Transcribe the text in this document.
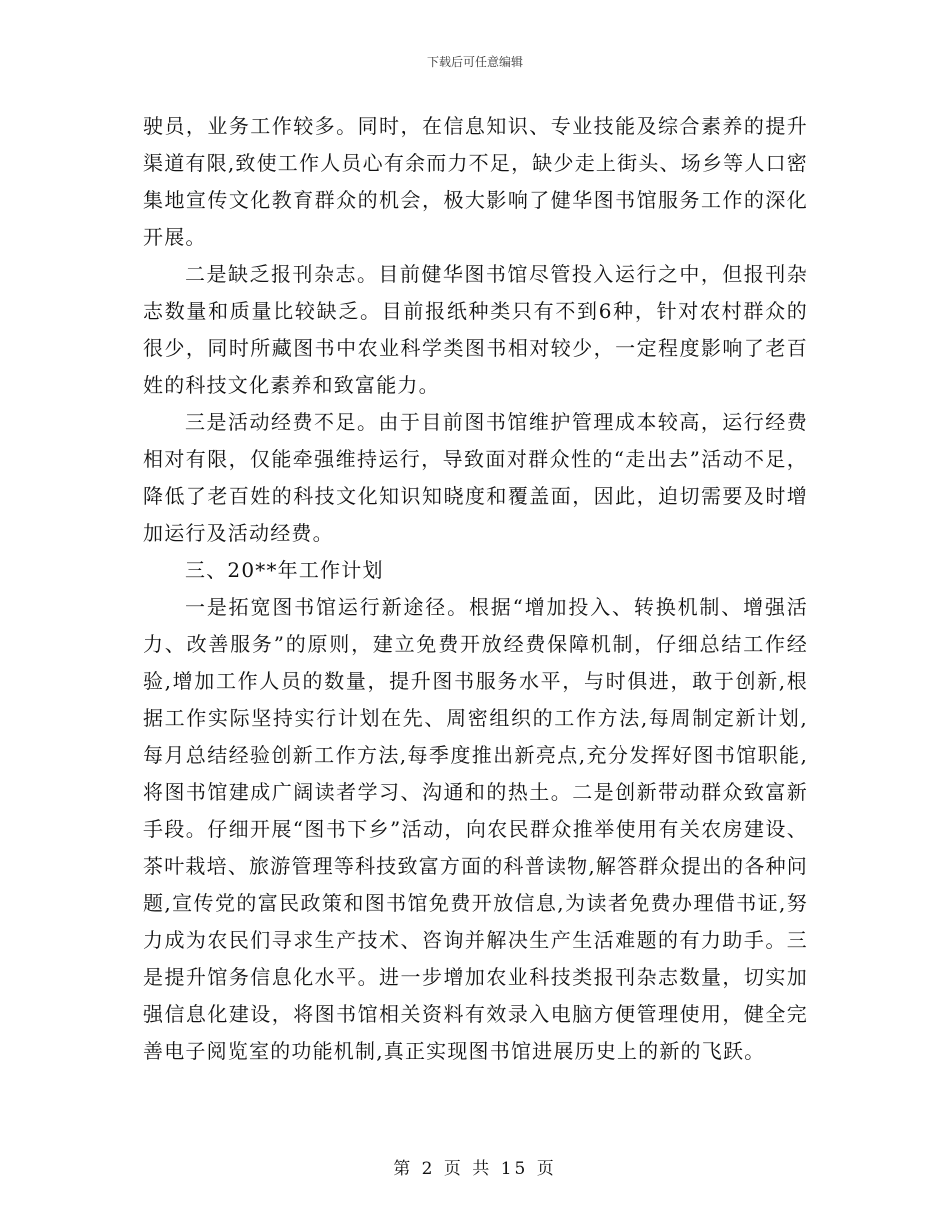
下载后可任意编辑

驶员，业务工作较多。同时，在信息知识、专业技能及综合素养的提升渠道有限,致使工作人员心有余而力不足，缺少走上街头、场乡等人口密集地宣传文化教育群众的机会，极大影响了健华图书馆服务工作的深化开展。

二是缺乏报刊杂志。目前健华图书馆尽管投入运行之中，但报刊杂志数量和质量比较缺乏。目前报纸种类只有不到6种，针对农村群众的很少，同时所藏图书中农业科学类图书相对较少，一定程度影响了老百姓的科技文化素养和致富能力。

三是活动经费不足。由于目前图书馆维护管理成本较高，运行经费相对有限，仅能牵强维持运行，导致面对群众性的“走出去”活动不足，降低了老百姓的科技文化知识知晓度和覆盖面，因此，迫切需要及时增加运行及活动经费。

三、20**年工作计划

一是拓宽图书馆运行新途径。根据“增加投入、转换机制、增强活力、改善服务”的原则，建立免费开放经费保障机制，仔细总结工作经验,增加工作人员的数量，提升图书服务水平，与时俱进，敢于创新,根据工作实际坚持实行计划在先、周密组织的工作方法,每周制定新计划,每月总结经验创新工作方法,每季度推出新亮点,充分发挥好图书馆职能,将图书馆建成广阔读者学习、沟通和的热土。二是创新带动群众致富新手段。仔细开展“图书下乡”活动，向农民群众推举使用有关农房建设、茶叶栽培、旅游管理等科技致富方面的科普读物,解答群众提出的各种问题,宣传党的富民政策和图书馆免费开放信息,为读者免费办理借书证,努力成为农民们寻求生产技术、咨询并解决生产生活难题的有力助手。三是提升馆务信息化水平。进一步增加农业科技类报刊杂志数量，切实加强信息化建设，将图书馆相关资料有效录入电脑方便管理使用，健全完善电子阅览室的功能机制,真正实现图书馆进展历史上的新的飞跃。

第 2 页 共 15 页
